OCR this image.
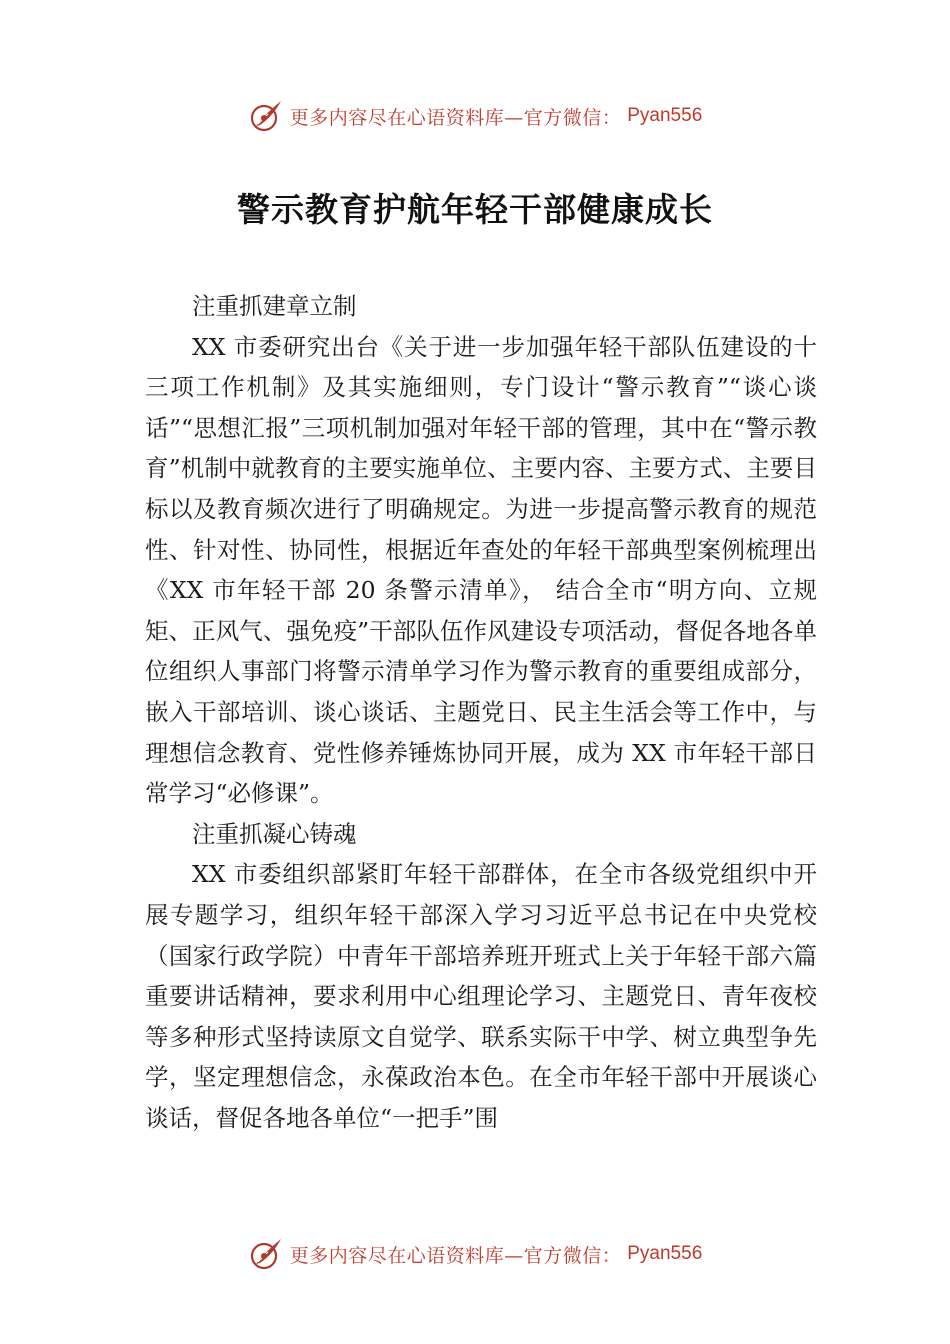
更多内容尽在心语资料库—官方微信： Pyan556
警示教育护航年轻干部健康成长

注重抓建章立制

XX 市委研究出台《关于进一步加强年轻干部队伍建设的十三项工作机制》及其实施细则，专门设计“警示教育”“谈心谈话”“思想汇报”三项机制加强对年轻干部的管理，其中在“警示教育”机制中就教育的主要实施单位、主要内容、主要方式、主要目标以及教育频次进行了明确规定。为进一步提高警示教育的规范性、针对性、协同性，根据近年查处的年轻干部典型案例梳理出《XX 市年轻干部 20 条警示清单》， 结合全市“明方向、立规矩、正风气、强免疫”干部队伍作风建设专项活动，督促各地各单位组织人事部门将警示清单学习作为警示教育的重要组成部分，嵌入干部培训、谈心谈话、主题党日、民主生活会等工作中，与理想信念教育、党性修养锤炼协同开展，成为 XX 市年轻干部日常学习“必修课”。

注重抓凝心铸魂

XX 市委组织部紧盯年轻干部群体，在全市各级党组织中开展专题学习，组织年轻干部深入学习习近平总书记在中央党校（国家行政学院）中青年干部培养班开班式上关于年轻干部六篇重要讲话精神，要求利用中心组理论学习、主题党日、青年夜校等多种形式坚持读原文自觉学、联系实际干中学、树立典型争先学，坚定理想信念，永葆政治本色。在全市年轻干部中开展谈心谈话，督促各地各单位“一把手”围

更多内容尽在心语资料库—官方微信： Pyan556
